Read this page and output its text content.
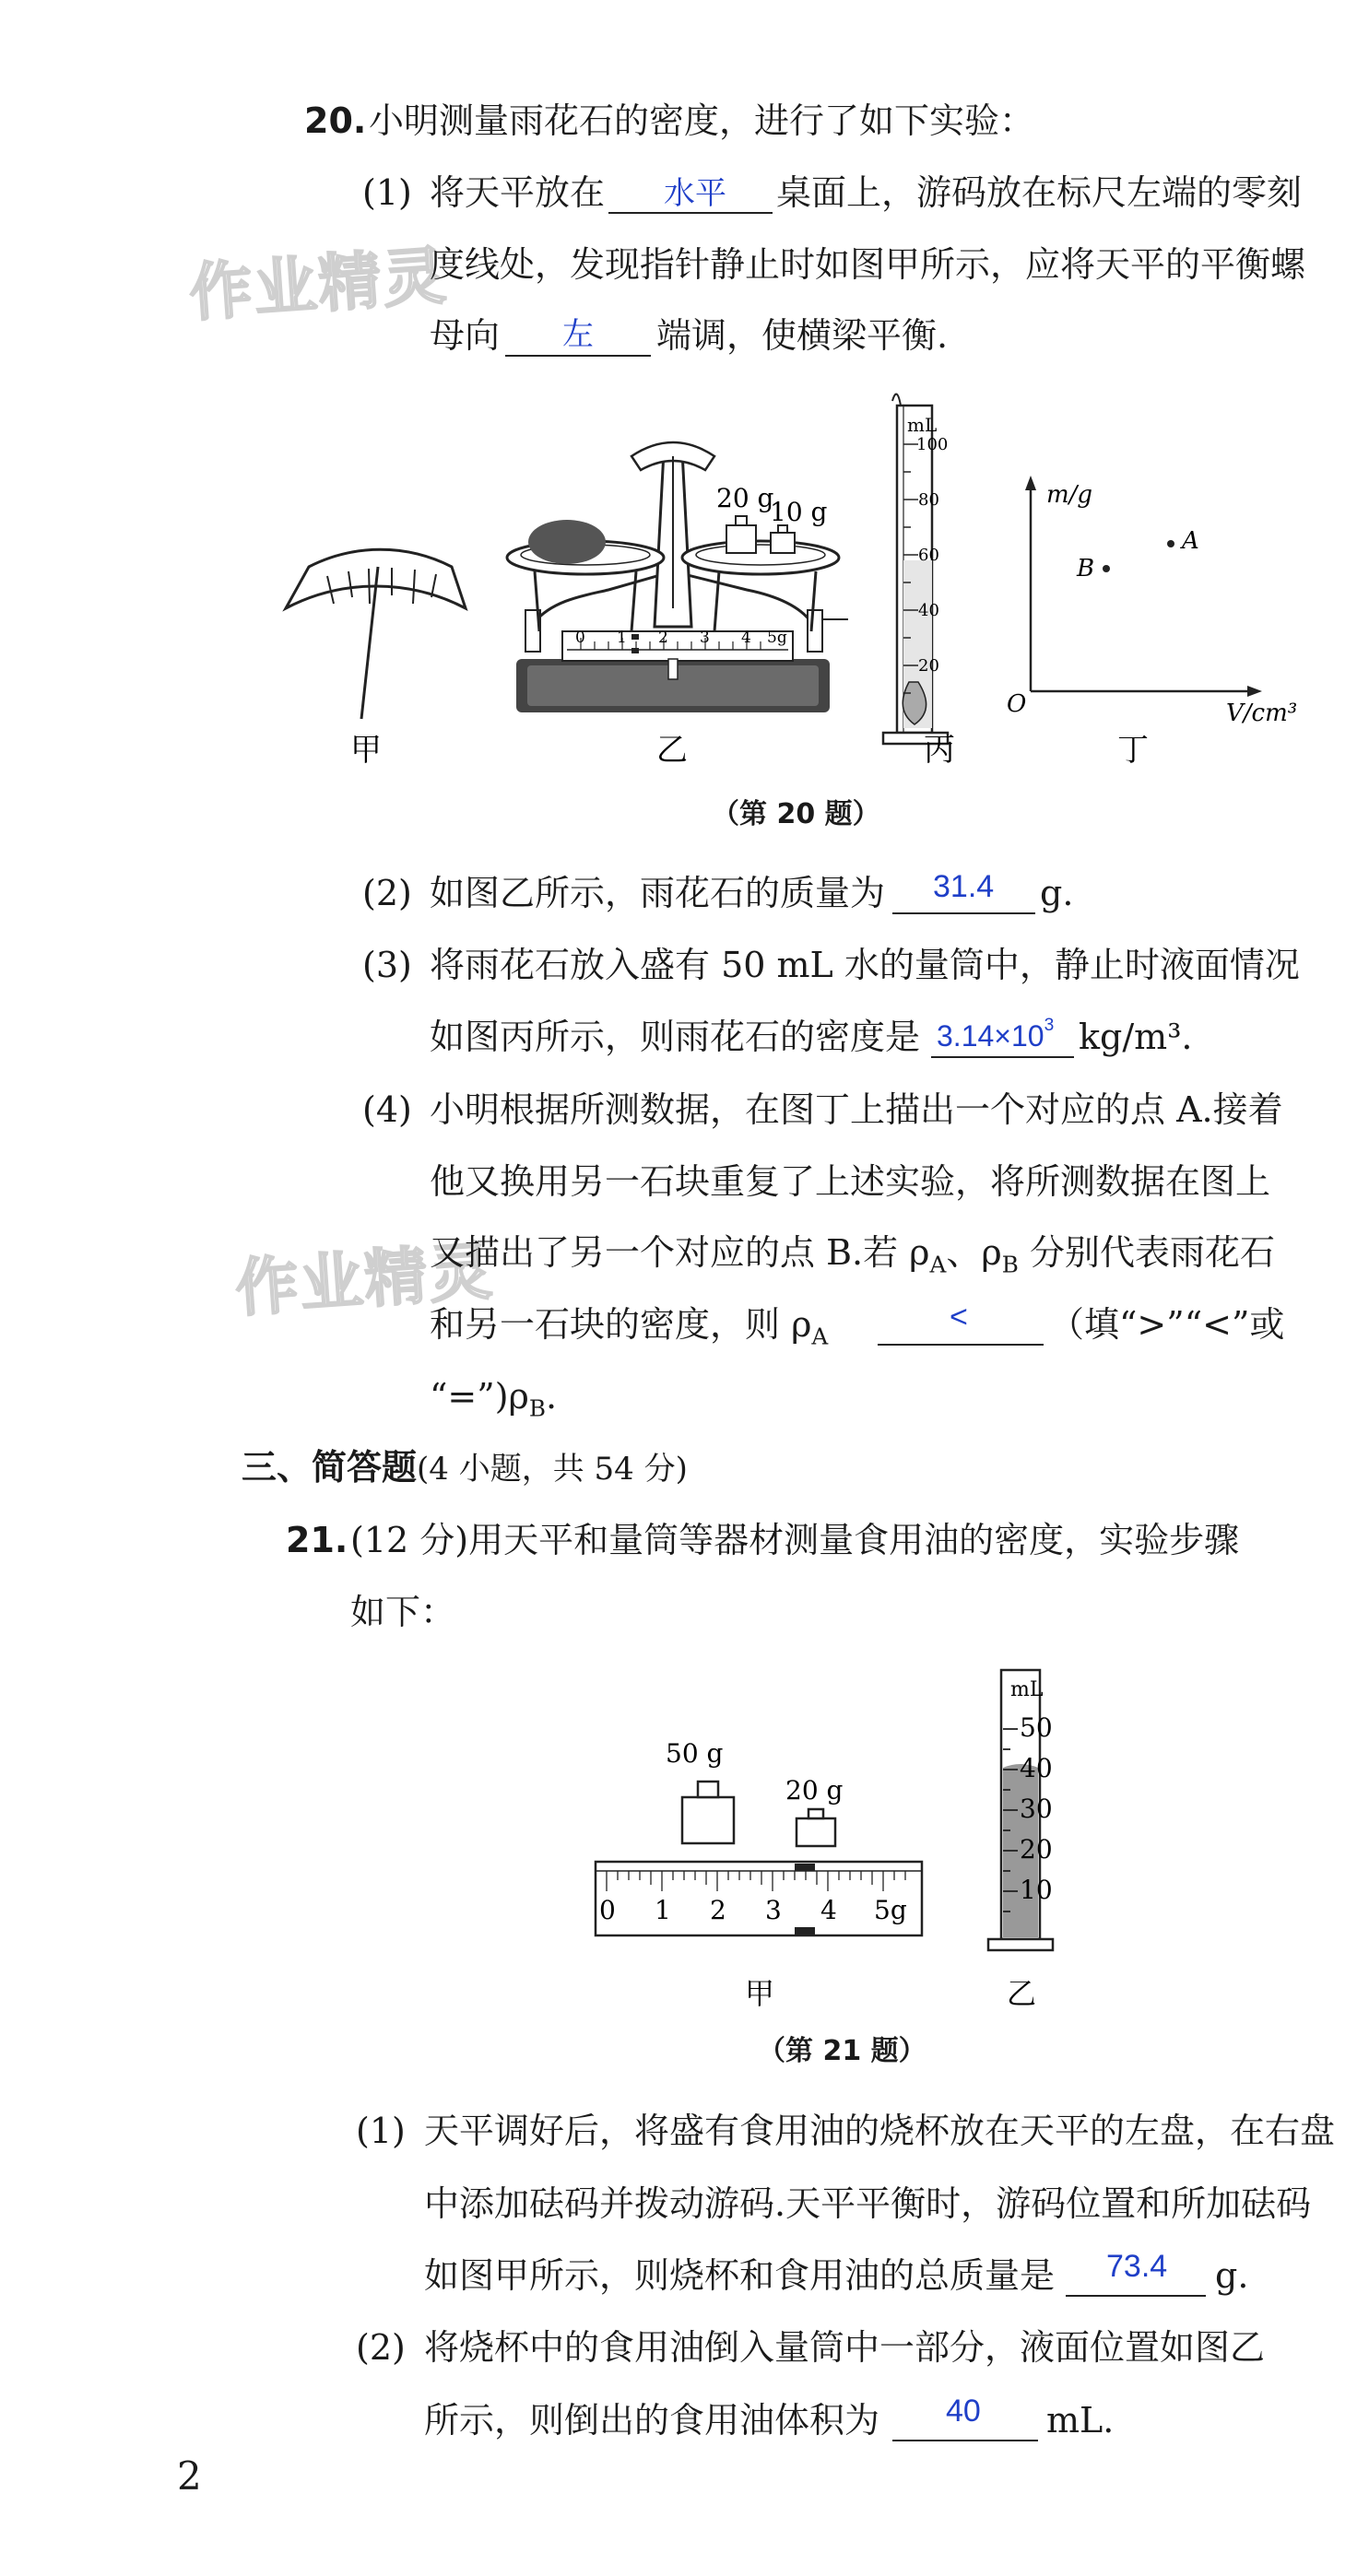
作业精灵
作业精灵
20. 小明测量雨花石的密度，进行了如下实验：
(1) 将天平放在 水平 桌面上，游码放在标尺左端的零刻
度线处，发现指针静止时如图甲所示，应将天平的平衡螺
母向 左 端调，使横梁平衡.
0 1 2 3 4 5g
20 g
10 g
mL
100
80
60
40
20
m/g
V/cm³
O
A
B
甲	乙	丙	丁
（第 20 题）
(2) 如图乙所示，雨花石的质量为 31.4 g.
(3) 将雨花石放入盛有 50 mL 水的量筒中，静止时液面情况
如图丙所示，则雨花石的密度是 $3.14\times 10^3$ kg/m³.
(4) 小明根据所测数据，在图丁上描出一个对应的点 A.接着
他又换用另一石块重复了上述实验，将所测数据在图上
又描出了另一个对应的点 B.若 $\rho_A$、$\rho_B$ 分别代表雨花石
和另一石块的密度，则 $\rho_A$
< （填“>”“<”或
“$=”)\rho_B$.
三、简答题(4 小题，共 54 分)
21. (12 分)用天平和量筒等器材测量食用油的密度，实验步骤
如下：
50 g
20 g
0 1 2 3 4 5g
mL
50
40
30
20
10
甲	乙
（第 21 题）
(1) 天平调好后，将盛有食用油的烧杯放在天平的左盘，在右盘
中添加砝码并拨动游码.天平平衡时，游码位置和所加砝码
如图甲所示，则烧杯和食用油的总质量是 73.4 g.
(2) 将烧杯中的食用油倒入量筒中一部分，液面位置如图乙
所示，则倒出的食用油体积为 40 mL.
2
